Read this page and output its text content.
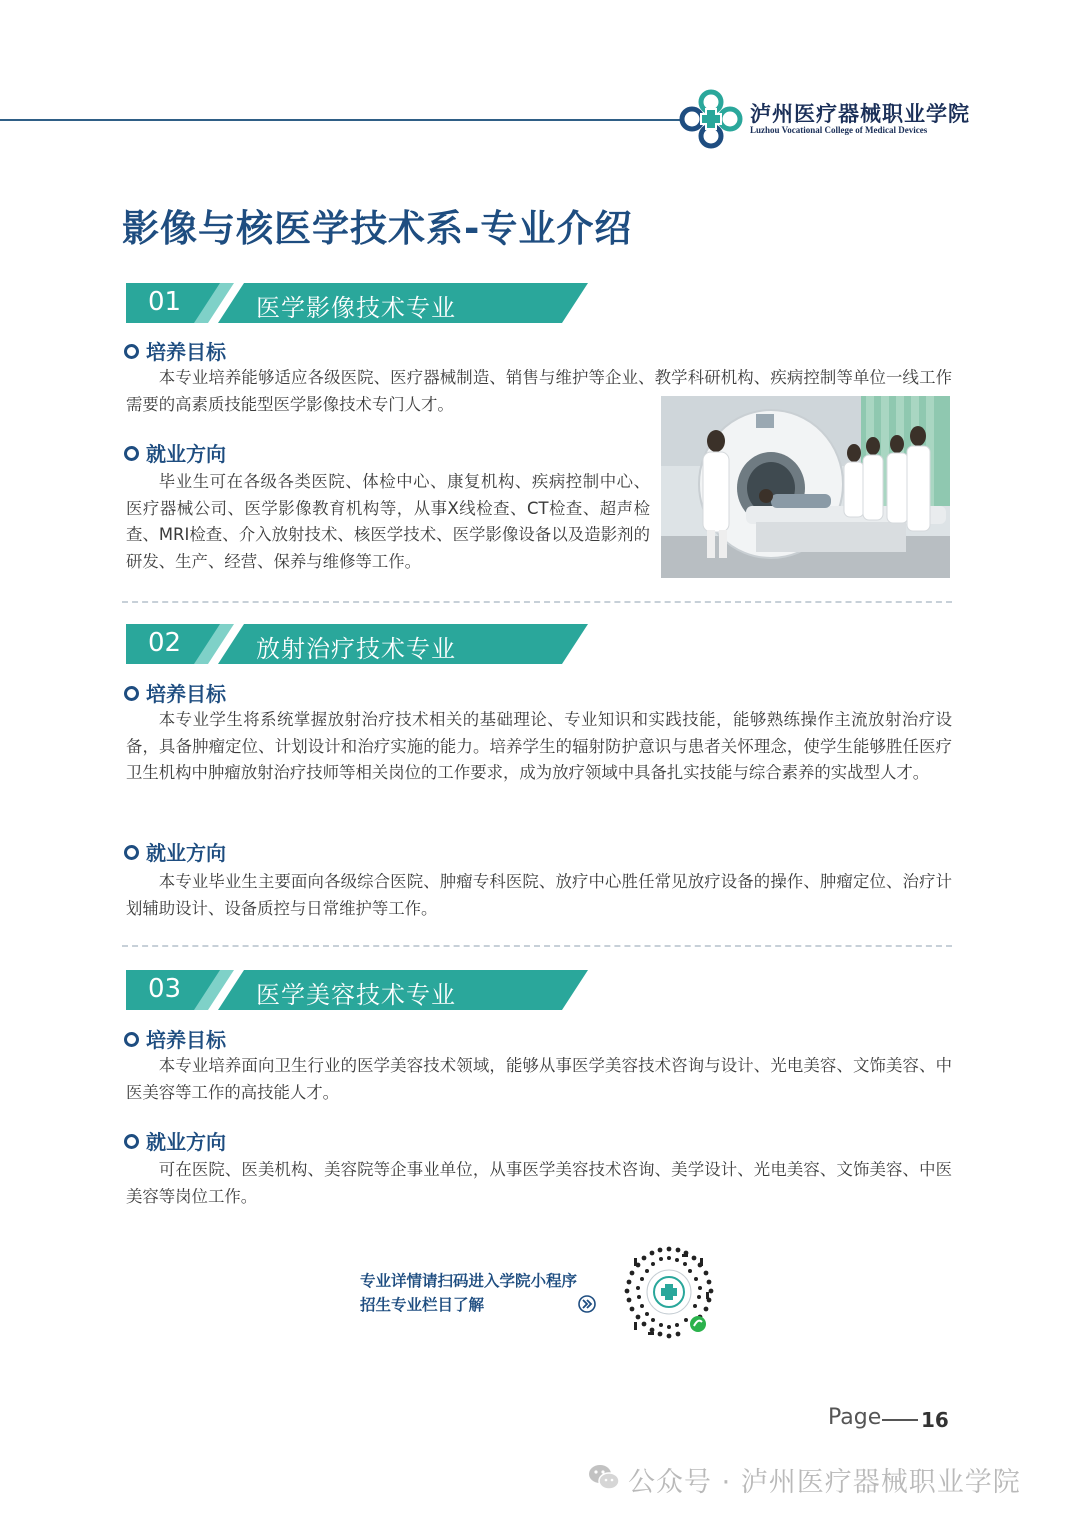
泸州医疗器械职业学院
Luzhou Vocational College of Medical Devices
影像与核医学技术系-专业介绍
01	医学影像技术专业
培养目标

本专业培养能够适应各级医院、医疗器械制造、销售与维护等企业、教学科研机构、疾病控制等单位一线工作需要的高素质技能型医学影像技术专门人才。

就业方向

毕业生可在各级各类医院、体检中心、康复机构、疾病控制中心、医疗器械公司、医学影像教育机构等，从事X线检查、CT检查、超声检查、MRI检查、介入放射技术、核医学技术、医学影像设备以及造影剂的研发、生产、经营、保养与维修等工作。

02	放射治疗技术专业
培养目标

本专业学生将系统掌握放射治疗技术相关的基础理论、专业知识和实践技能，能够熟练操作主流放射治疗设备，具备肿瘤定位、计划设计和治疗实施的能力。培养学生的辐射防护意识与患者关怀理念，使学生能够胜任医疗卫生机构中肿瘤放射治疗技师等相关岗位的工作要求，成为放疗领域中具备扎实技能与综合素养的实战型人才。

就业方向

本专业毕业生主要面向各级综合医院、肿瘤专科医院、放疗中心胜任常见放疗设备的操作、肿瘤定位、治疗计划辅助设计、设备质控与日常维护等工作。

03	医学美容技术专业
培养目标

本专业培养面向卫生行业的医学美容技术领域，能够从事医学美容技术咨询与设计、光电美容、文饰美容、中医美容等工作的高技能人才。

就业方向

可在医院、医美机构、美容院等企事业单位，从事医学美容技术咨询、美学设计、光电美容、文饰美容、中医美容等岗位工作。

专业详情请扫码进入学院小程序
招生专业栏目了解
Page 16
公众号 · 泸州医疗器械职业学院
